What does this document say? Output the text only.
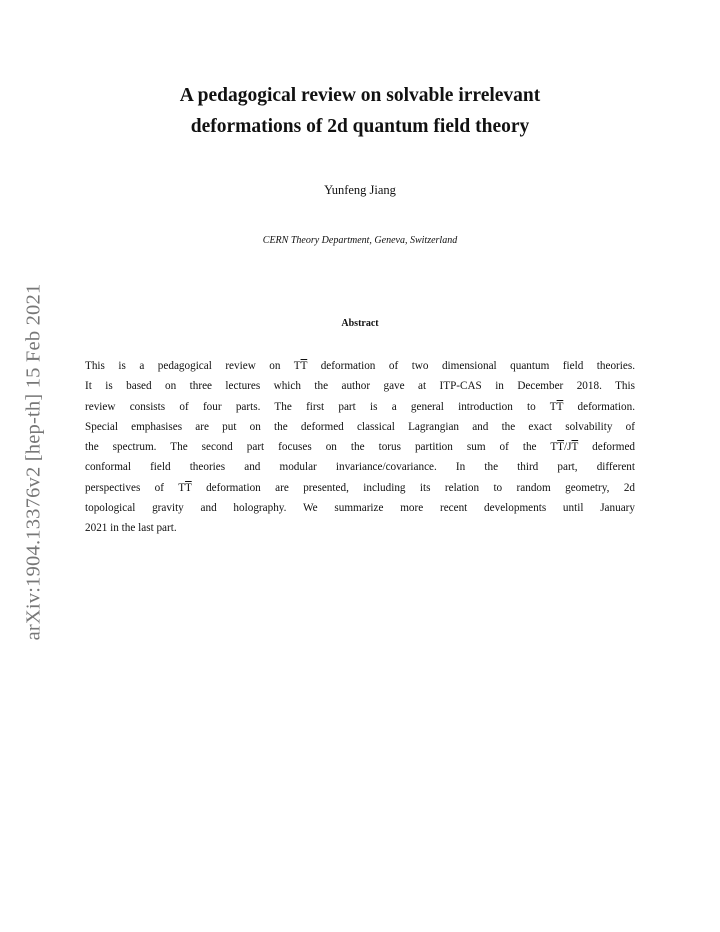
arXiv:1904.13376v2 [hep-th] 15 Feb 2021
A pedagogical review on solvable irrelevant
deformations of 2d quantum field theory
Yunfeng Jiang
CERN Theory Department, Geneva, Switzerland
Abstract
This is a pedagogical review on $T\overline{T}$ deformation of two dimensional quantum field theories.
It is based on three lectures which the author gave at ITP-CAS in December 2018. This
review consists of four parts. The first part is a general introduction to $T\overline{T}$ deformation.
Special emphasises are put on the deformed classical Lagrangian and the exact solvability of
the spectrum. The second part focuses on the torus partition sum of the $T\overline{T}/J\overline{T}$ deformed
conformal field theories and modular invariance/covariance. In the third part, different
perspectives of $T\overline{T}$ deformation are presented, including its relation to random geometry, 2d
topological gravity and holography. We summarize more recent developments until January
2021 in the last part.
